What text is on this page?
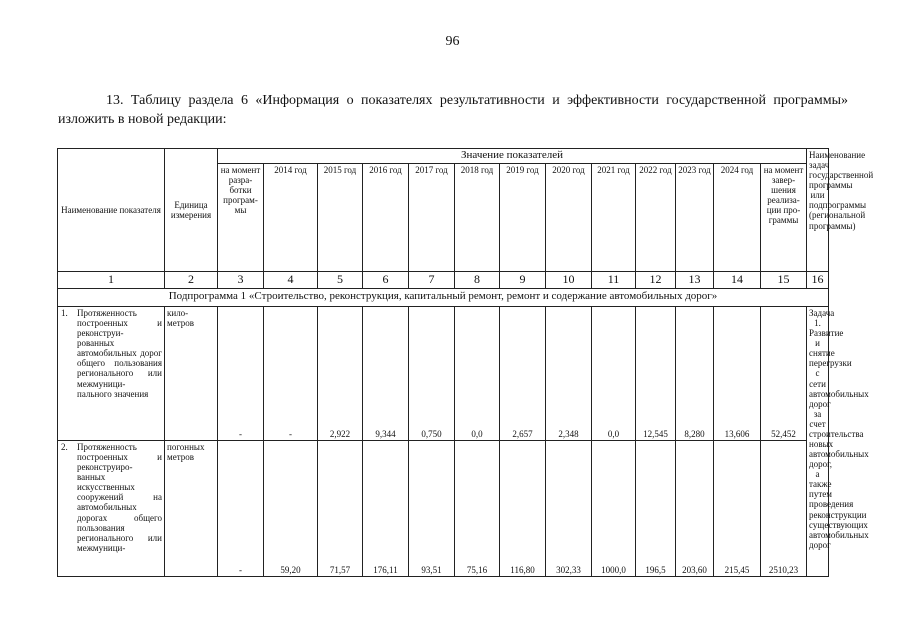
96
13. Таблицу раздела 6 «Информация о показателях результативности и эффективности государственной программы» изложить в новой редакции:
Наименование показателя	Единица измерения	Значение показателей													Наименование задач государственной программы или подпрограммы (региональной программы)
		на момент разра- ботки програм- мы	2014 год	2015 год	2016 год	2017 год	2018 год	2019 год	2020 год	2021 год	2022 год	2023 год	2024 год	на момент завер- шения реализа- ции про- граммы	
1	2	3	4	5	6	7	8	9	10	11	12	13	14	15	16
Подпрограмма 1 «Строительство, реконструкция, капитальный ремонт, ремонт и содержание автомобильных дорог»															

1. Протяженность построенных и реконструи- рованных автомобильных дорог общего пользования регионального или межмуници- пального значения	кило- метров	-	-	2,922	9,344	0,750	0,0	2,657	2,348	0,0	12,545	8,280	13,606	52,452	Задача 1. Развитие и снятие перегрузки с сети автомобильных дорог за счет строительства новых автомобильных дорог, а также путем проведения реконструкции существующих автомобильных дорог

2. Протяженность построенных и реконструиро- ванных искусственных сооружений на автомобильных дорогах общего пользования регионального или межмуници-	погонных метров	-	59,20	71,57	176,11	93,51	75,16	116,80	302,33	1000,0	196,5	203,60	215,45	2510,23	
